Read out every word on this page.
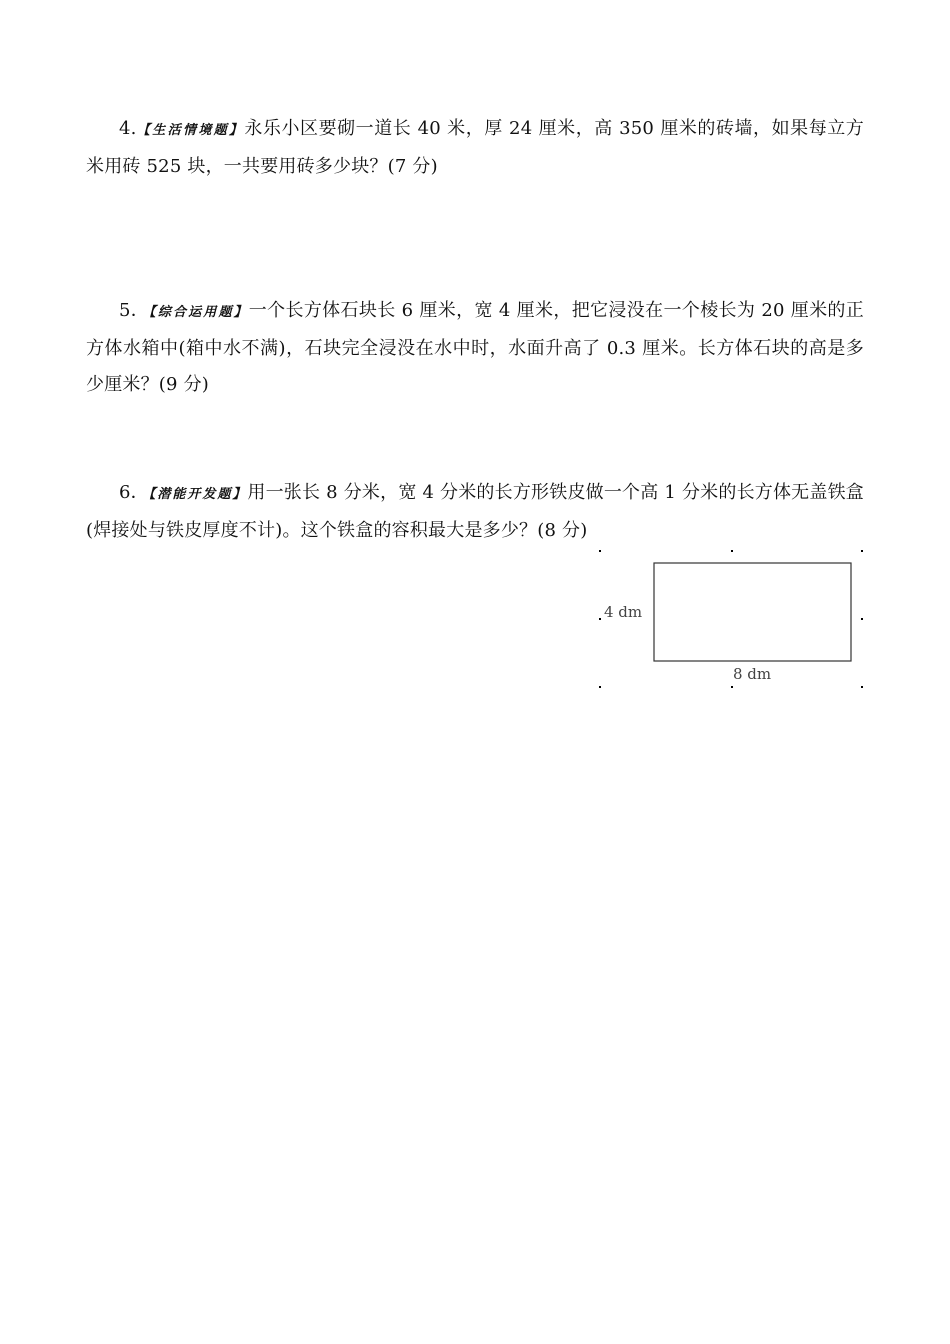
4.【生活情境题】永乐小区要砌一道长 40 米，厚 24 厘米，高 350 厘米的砖墙，如果每立方米用砖 525 块，一共要用砖多少块？(7 分)

5．【综合运用题】一个长方体石块长 6 厘米，宽 4 厘米，把它浸没在一个棱长为 20 厘米的正方体水箱中(箱中水不满)，石块完全浸没在水中时，水面升高了 0.3 厘米。长方体石块的高是多少厘米？(9 分)

6．【潜能开发题】用一张长 8 分米，宽 4 分米的长方形铁皮做一个高 1 分米的长方体无盖铁盒(焊接处与铁皮厚度不计)。这个铁盒的容积最大是多少？(8 分)

4 dm
8 dm
